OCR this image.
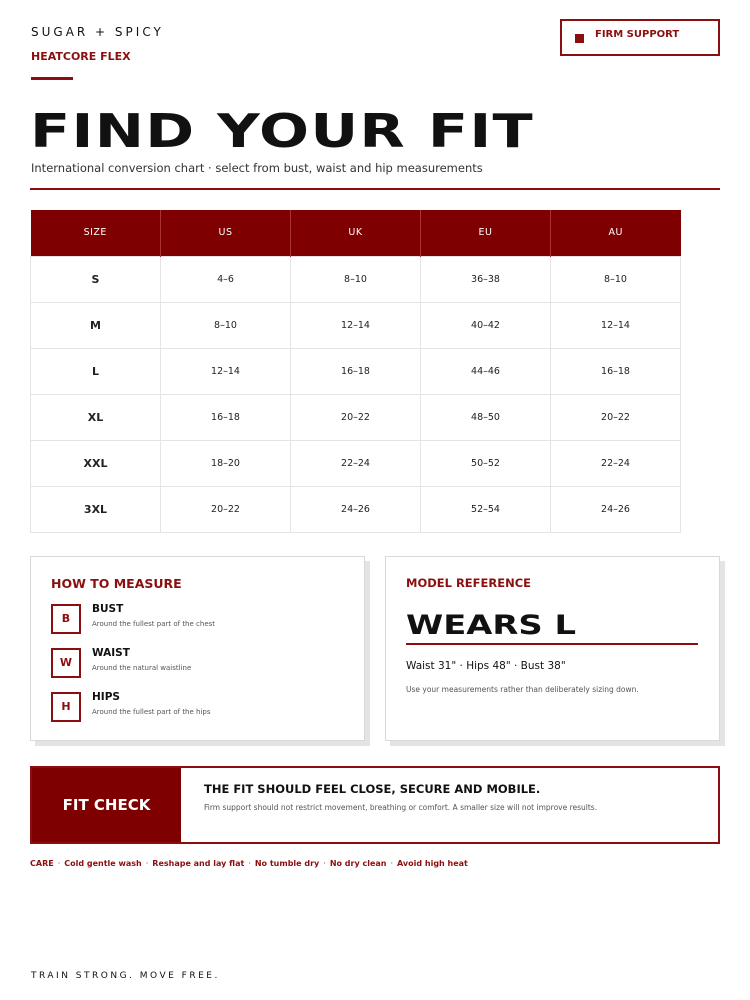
SUGAR + SPICY
HEATCORE FLEX
FIRM SUPPORT
FIND YOUR FIT
International conversion chart · select from bust, waist and hip measurements
SIZE	US	UK	EU	AU
S	4–6	8–10	36–38	8–10
M	8–10	12–14	40–42	12–14
L	12–14	16–18	44–46	16–18
XL	16–18	20–22	48–50	20–22
XXL	18–20	22–24	50–52	22–24
3XL	20–22	24–26	52–54	24–26
HOW TO MEASURE
B
BUST
Around the fullest part of the chest
W
WAIST
Around the natural waistline
H
HIPS
Around the fullest part of the hips
MODEL REFERENCE
WEARS L
Waist 31" · Hips 48" · Bust 38"
Use your measurements rather than deliberately sizing down.
FIT CHECK
THE FIT SHOULD FEEL CLOSE, SECURE AND MOBILE.
Firm support should not restrict movement, breathing or comfort. A smaller size will not improve results.
CARE · Cold gentle wash · Reshape and lay flat · No tumble dry · No dry clean · Avoid high heat
TRAIN STRONG. MOVE FREE.
